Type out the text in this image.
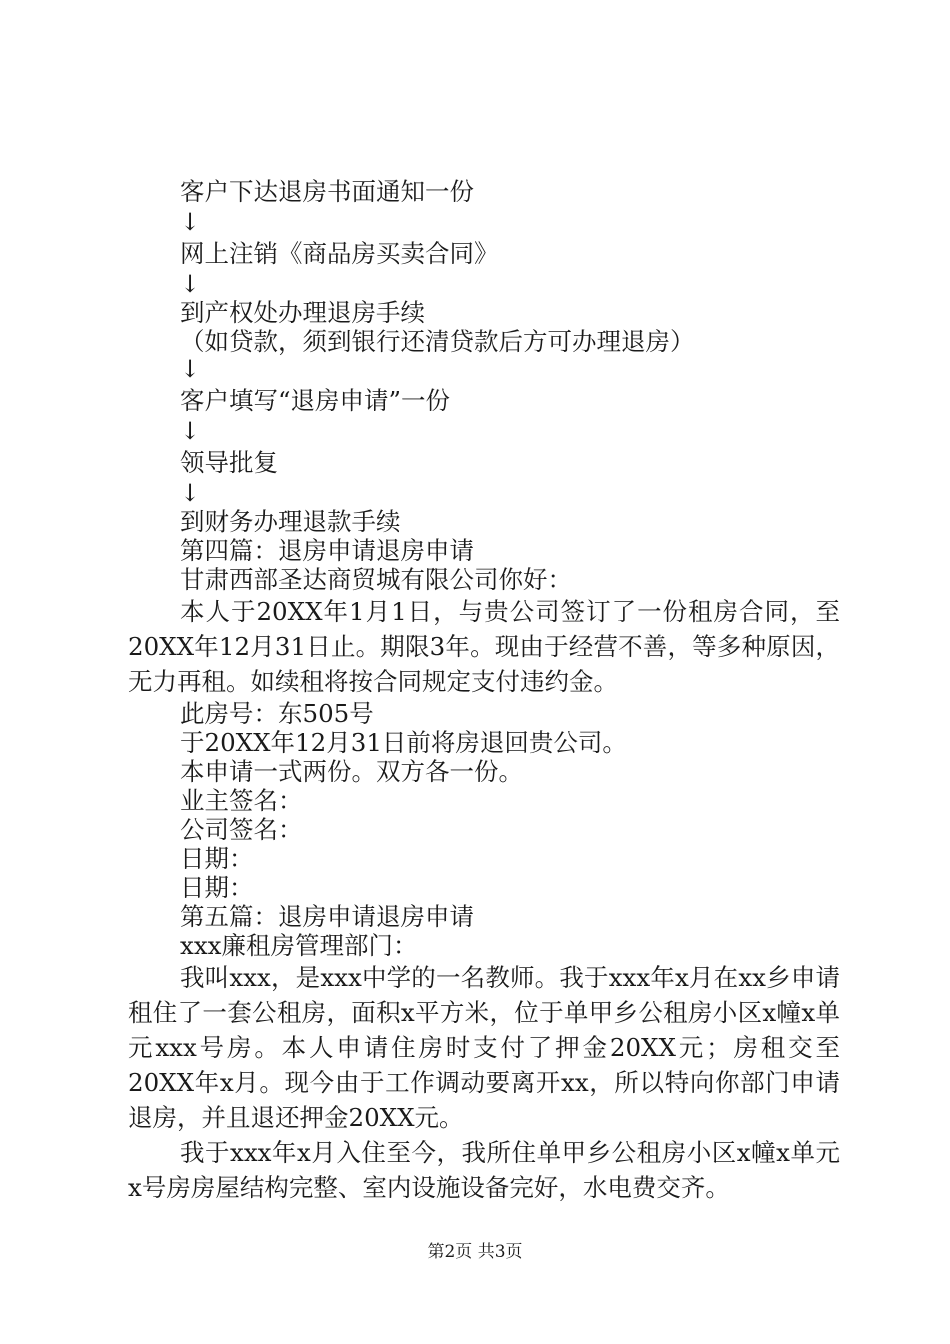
客户下达退房书面通知一份
↓
网上注销《商品房买卖合同》
↓
到产权处办理退房手续
（如贷款，须到银行还清贷款后方可办理退房）
↓
客户填写“退房申请”一份
↓
领导批复
↓
到财务办理退款手续
第四篇：退房申请退房申请
甘肃西部圣达商贸城有限公司你好：
本人于20XX年1月1日，与贵公司签订了一份租房合同，至20XX年12月31日止。期限3年。现由于经营不善，等多种原因，无力再租。如续租将按合同规定支付违约金。
此房号：东505号
于20XX年12月31日前将房退回贵公司。
本申请一式两份。双方各一份。
业主签名：
公司签名：
日期：
日期：
第五篇：退房申请退房申请
xxx廉租房管理部门：
我叫xxx，是xxx中学的一名教师。我于xxx年x月在xx乡申请租住了一套公租房，面积x平方米，位于单甲乡公租房小区x幢x单元xxx号房。本人申请住房时支付了押金20XX元；房租交至20XX年x月。现今由于工作调动要离开xx，所以特向你部门申请退房，并且退还押金20XX元。
我于xxx年x月入住至今，我所住单甲乡公租房小区x幢x单元x号房房屋结构完整、室内设施设备完好，水电费交齐。
第2页 共3页
